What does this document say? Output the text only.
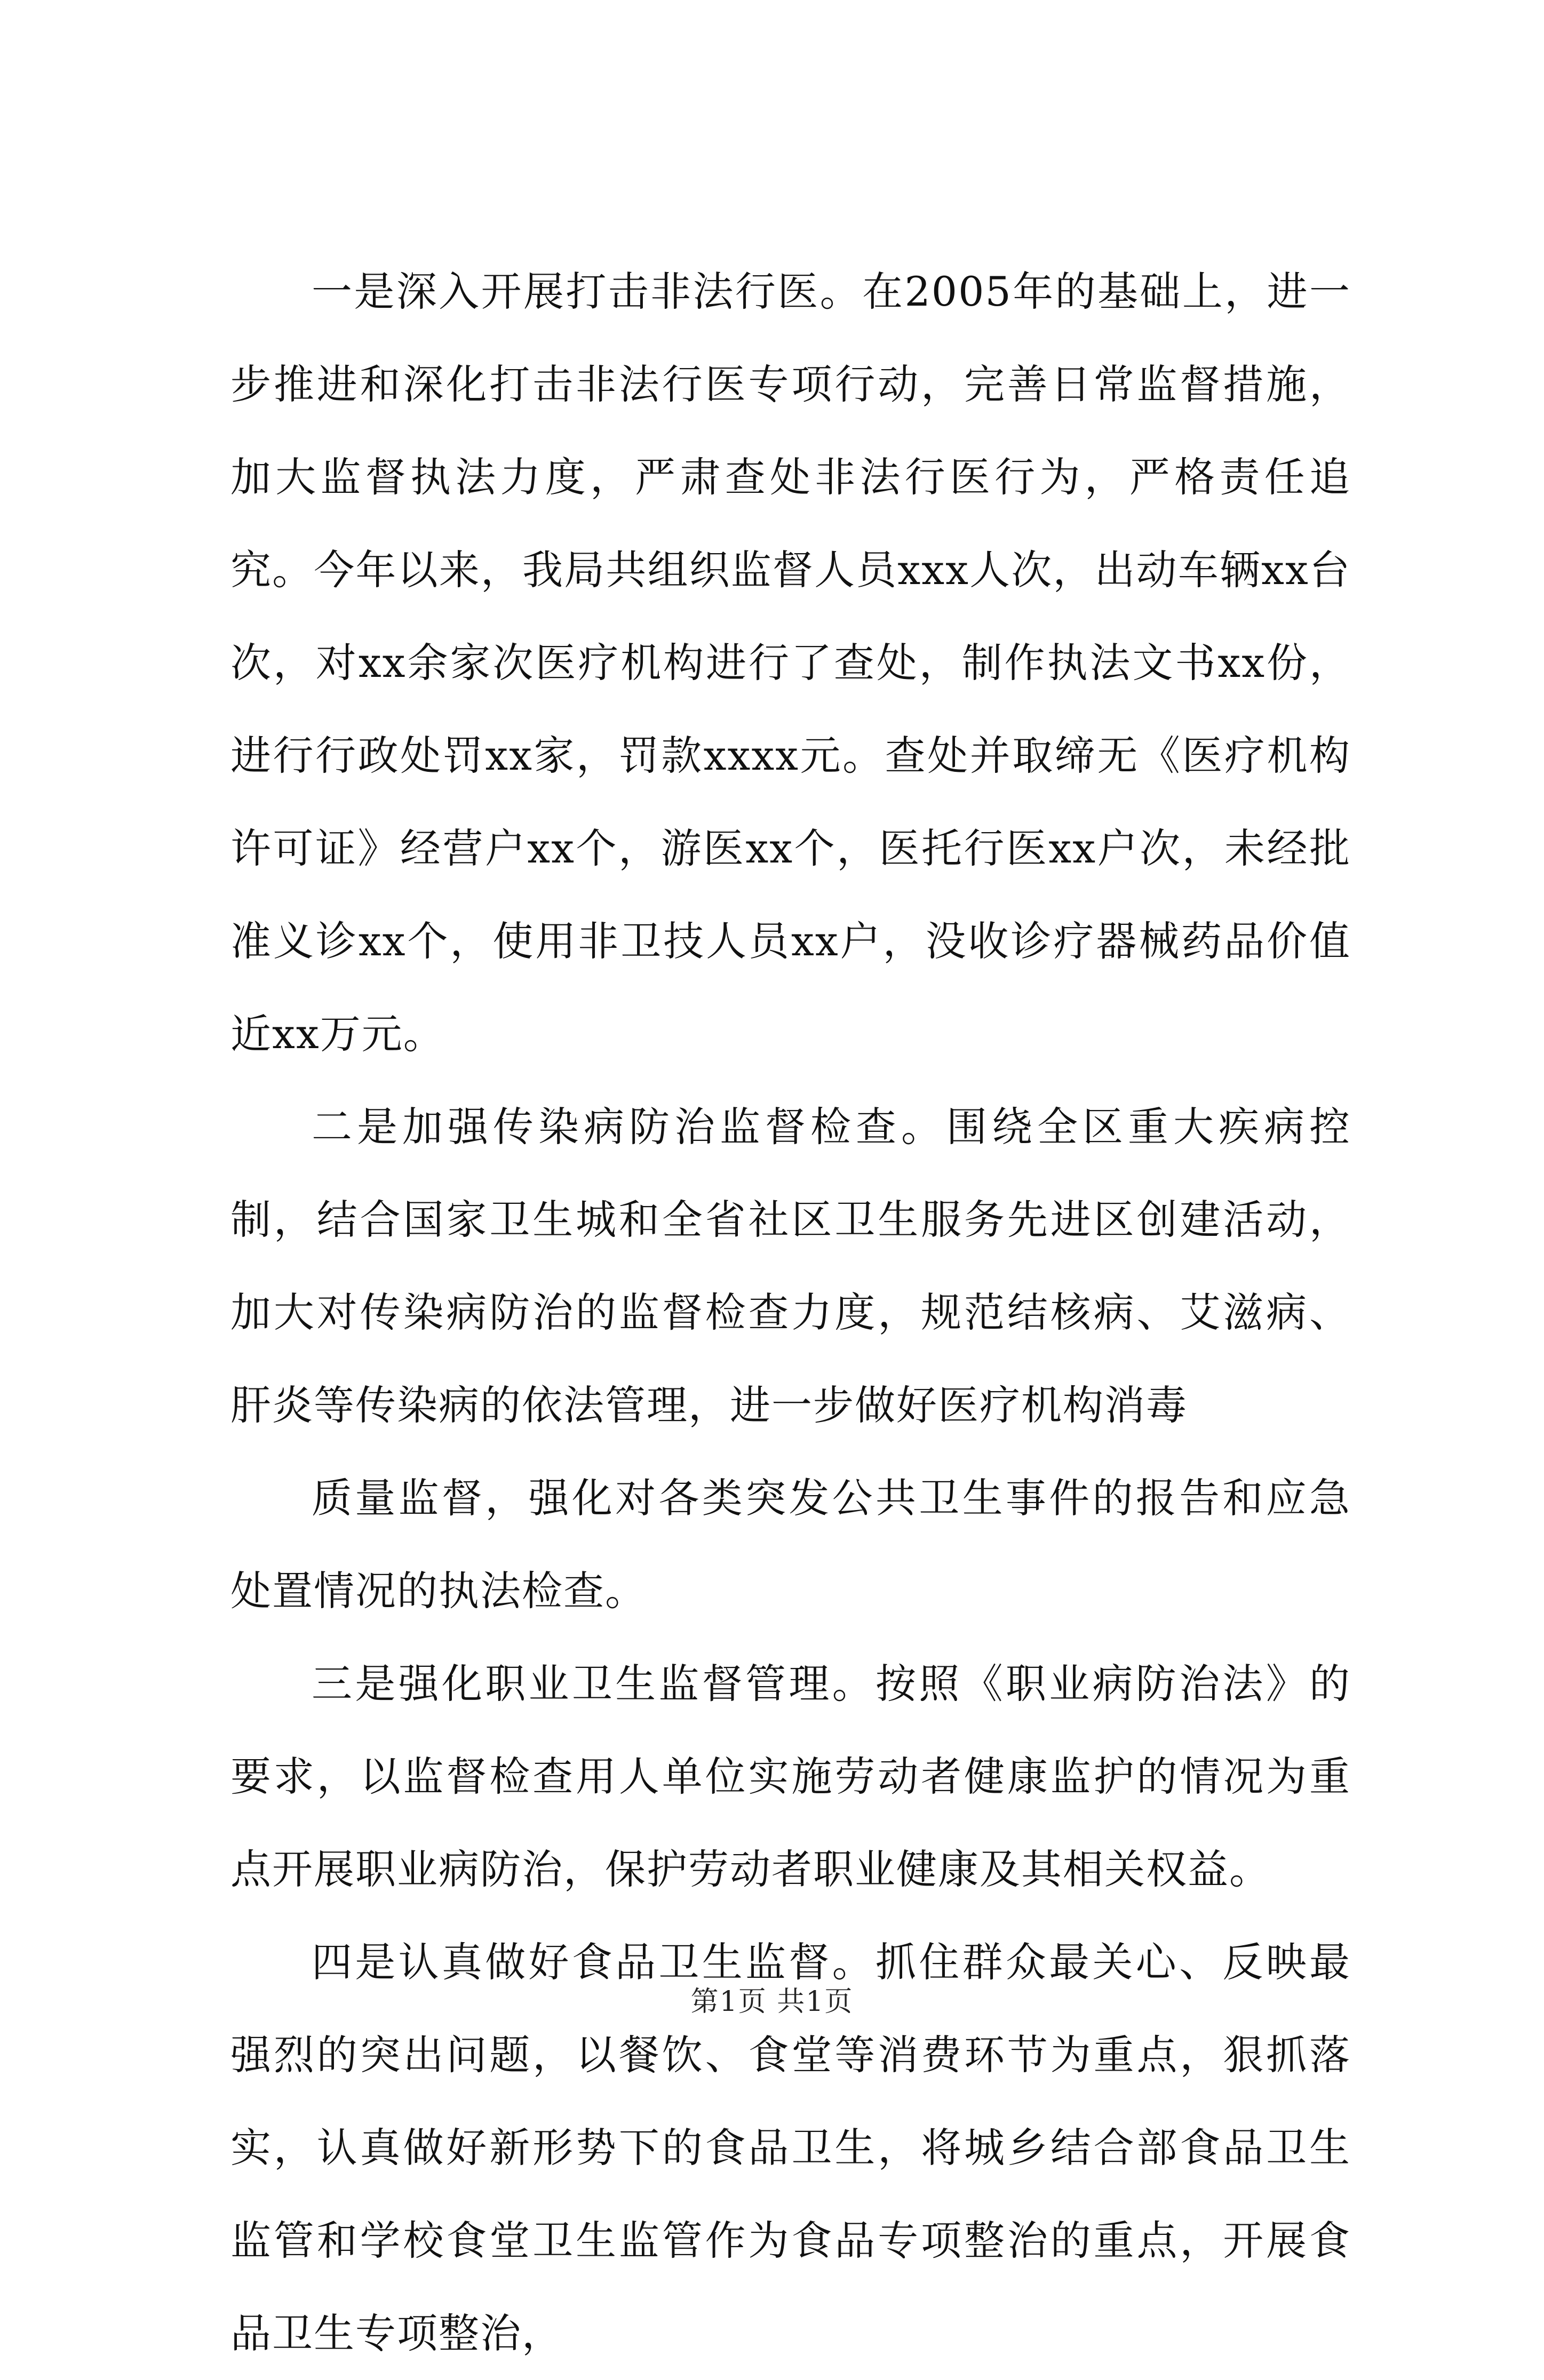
一是深入开展打击非法行医。在2005年的基础上，进一步推进和深化打击非法行医专项行动，完善日常监督措施，加大监督执法力度，严肃查处非法行医行为，严格责任追究。今年以来，我局共组织监督人员xxx人次，出动车辆xx台次，对xx余家次医疗机构进行了查处，制作执法文书xx份，进行行政处罚xx家，罚款xxxx元。查处并取缔无《医疗机构许可证》经营户xx个，游医xx个，医托行医xx户次，未经批准义诊xx个，使用非卫技人员xx户，没收诊疗器械药品价值近xx万元。

二是加强传染病防治监督检查。围绕全区重大疾病控制，结合国家卫生城和全省社区卫生服务先进区创建活动，加大对传染病防治的监督检查力度，规范结核病、艾滋病、肝炎等传染病的依法管理，进一步做好医疗机构消毒

质量监督，强化对各类突发公共卫生事件的报告和应急处置情况的执法检查。

三是强化职业卫生监督管理。按照《职业病防治法》的要求，以监督检查用人单位实施劳动者健康监护的情况为重点开展职业病防治，保护劳动者职业健康及其相关权益。

四是认真做好食品卫生监督。抓住群众最关心、反映最强烈的突出问题，以餐饮、食堂等消费环节为重点，狠抓落实，认真做好新形势下的食品卫生，将城乡结合部食品卫生监管和学校食堂卫生监管作为食品专项整治的重点，开展食品卫生专项整治，

第1页 共1页
